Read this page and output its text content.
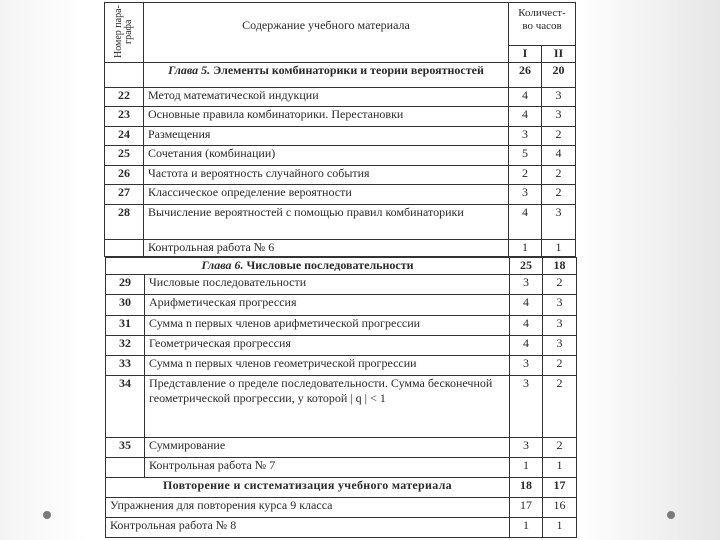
Номер пара-графа	Содержание учебного материала	Количест-во часов	
		I	II
	Глава 5. Элементы комбинаторики и теории вероятностей	26	20
22	Метод математической индукции	4	3
23	Основные правила комбинаторики. Перестановки	4	3
24	Размещения	3	2
25	Сочетания (комбинации)	5	4
26	Частота и вероятность случайного события	2	2
27	Классическое определение вероятности	3	2
28	Вычисление вероятностей с помощью правил комбинаторики	4	3
	Контрольная работа № 6	1	1
Глава 6. Числовые последовательности		25	18
29	Числовые последовательности	3	2
30	Арифметическая прогрессия	4	3
31	Сумма n первых членов арифметической прогрессии	4	3
32	Геометрическая прогрессия	4	3
33	Сумма n первых членов геометрической прогрессии	3	2
34	Представление о пределе последовательности. Сумма бесконечной геометрической прогрессии, у которой | q | < 1	3	2
35	Суммирование	3	2
	Контрольная работа № 7	1	1
Повторение и систематизация учебного материала		18	17
Упражнения для повторения курса 9 класса		17	16
Контрольная работа № 8		1	1
